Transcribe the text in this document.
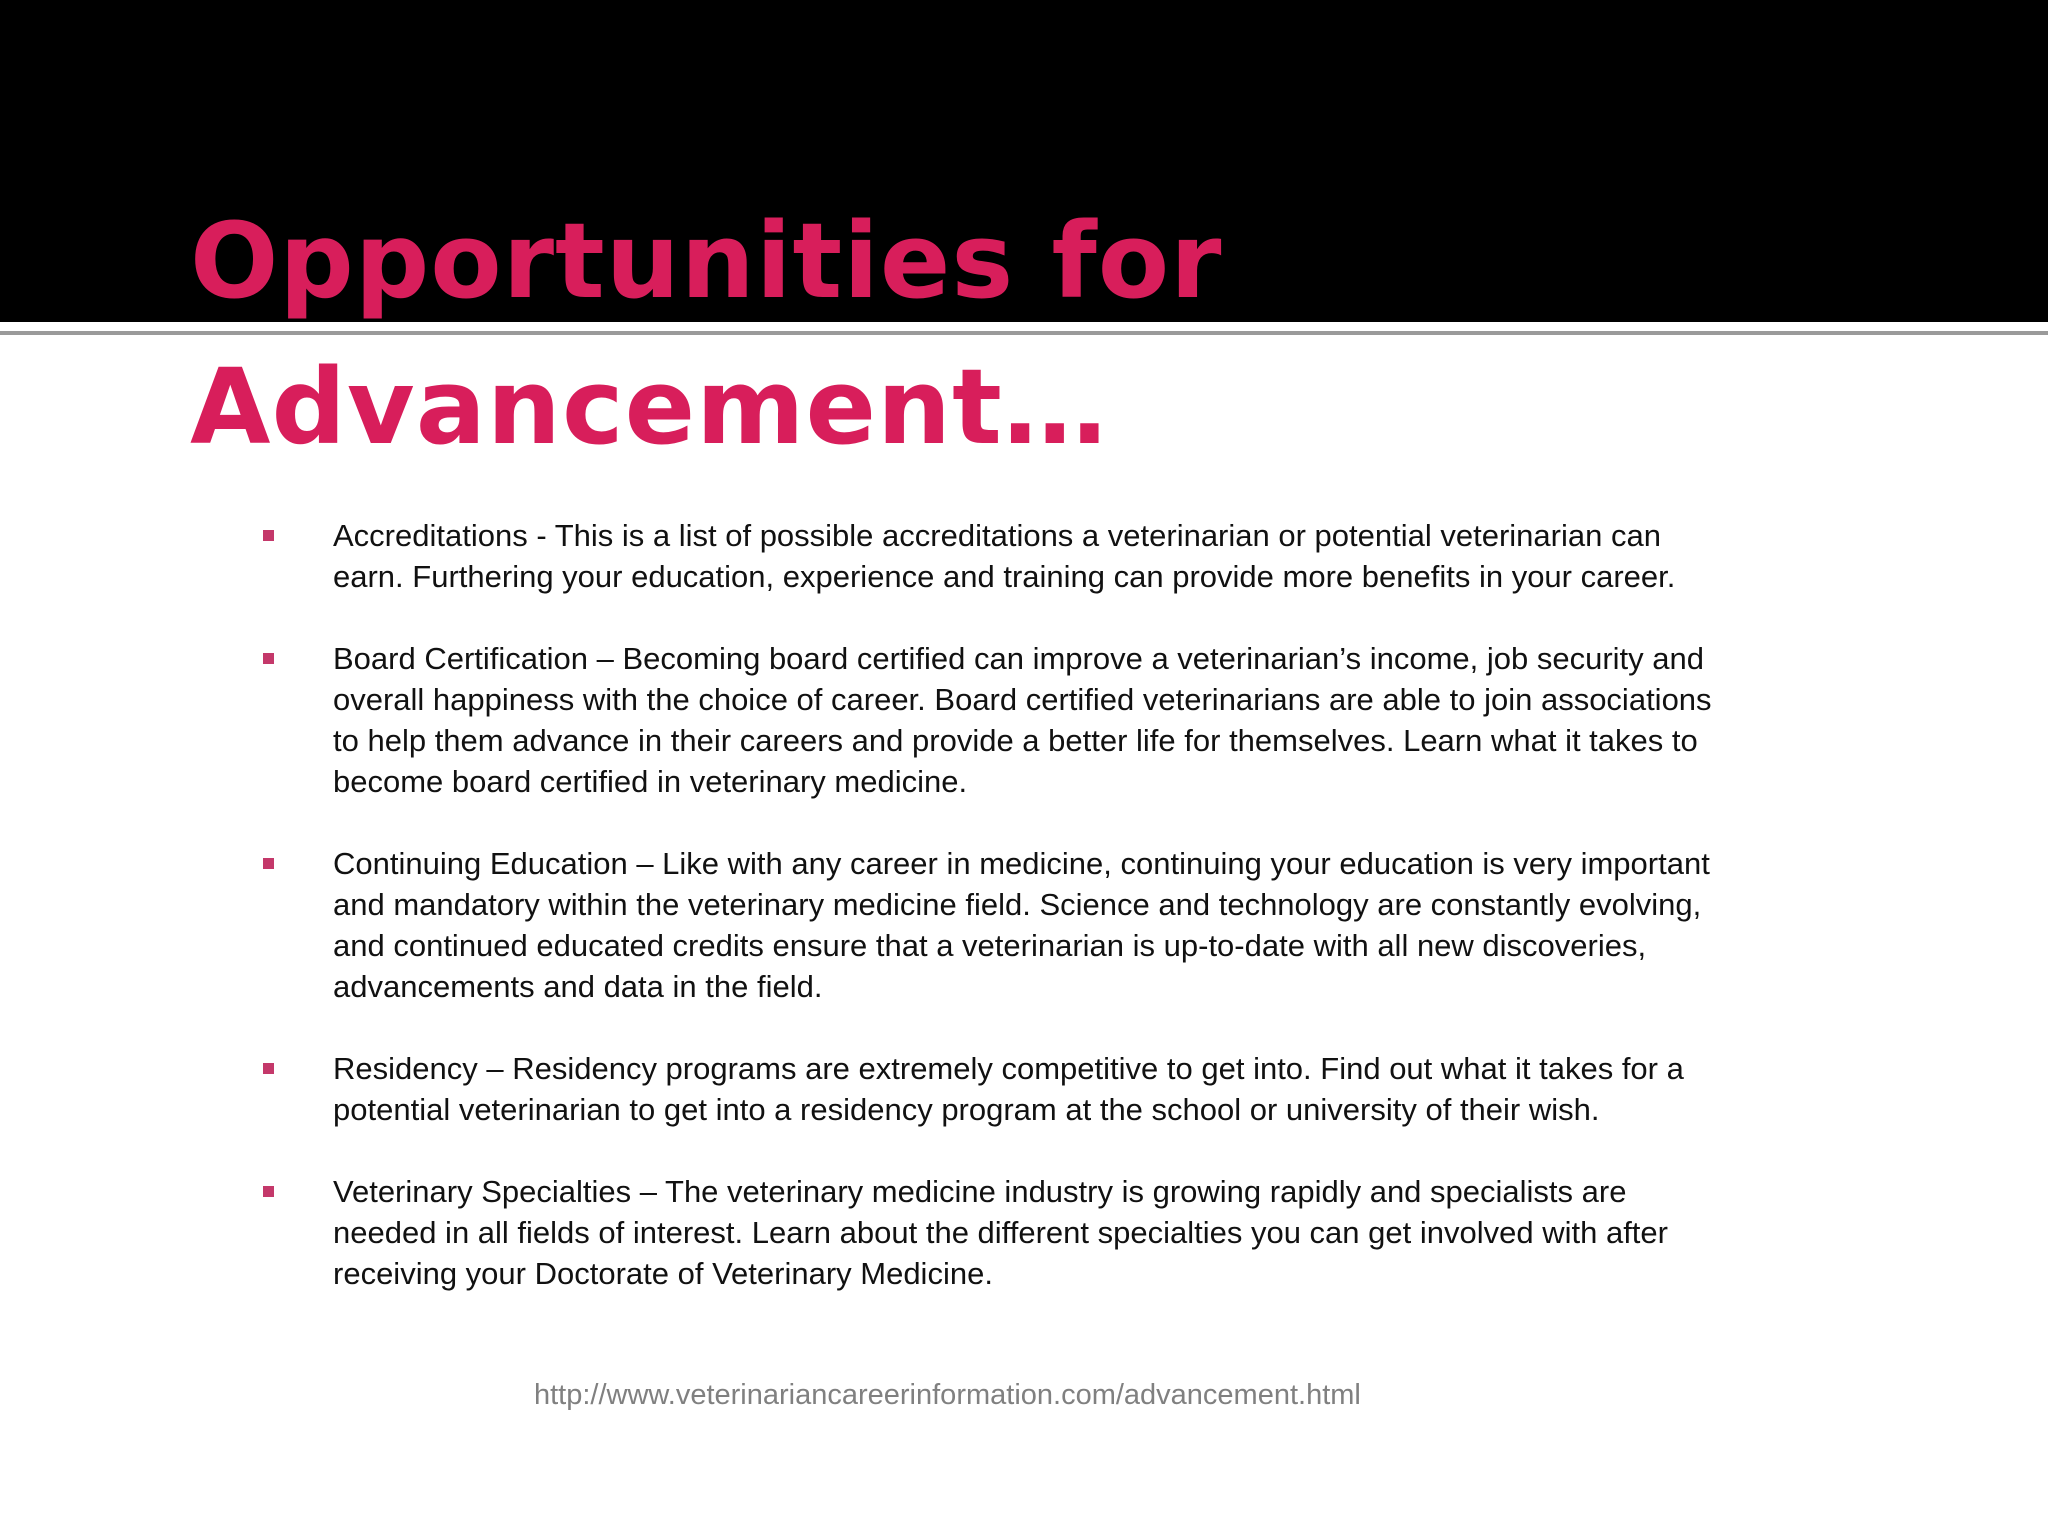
Opportunities for
Advancement…
Accreditations - This is a list of possible accreditations a veterinarian or potential veterinarian can earn. Furthering your education, experience and training can provide more benefits in your career.
Board Certification – Becoming board certified can improve a veterinarian’s income, job security and overall happiness with the choice of career. Board certified veterinarians are able to join associations to help them advance in their careers and provide a better life for themselves. Learn what it takes to become board certified in veterinary medicine.
Continuing Education – Like with any career in medicine, continuing your education is very important and mandatory within the veterinary medicine field. Science and technology are constantly evolving, and continued educated credits ensure that a veterinarian is up-to-date with all new discoveries, advancements and data in the field.
Residency – Residency programs are extremely competitive to get into. Find out what it takes for a potential veterinarian to get into a residency program at the school or university of their wish.
Veterinary Specialties – The veterinary medicine industry is growing rapidly and specialists are needed in all fields of interest. Learn about the different specialties you can get involved with after receiving your Doctorate of Veterinary Medicine.
http://www.veterinariancareerinformation.com/advancement.html
